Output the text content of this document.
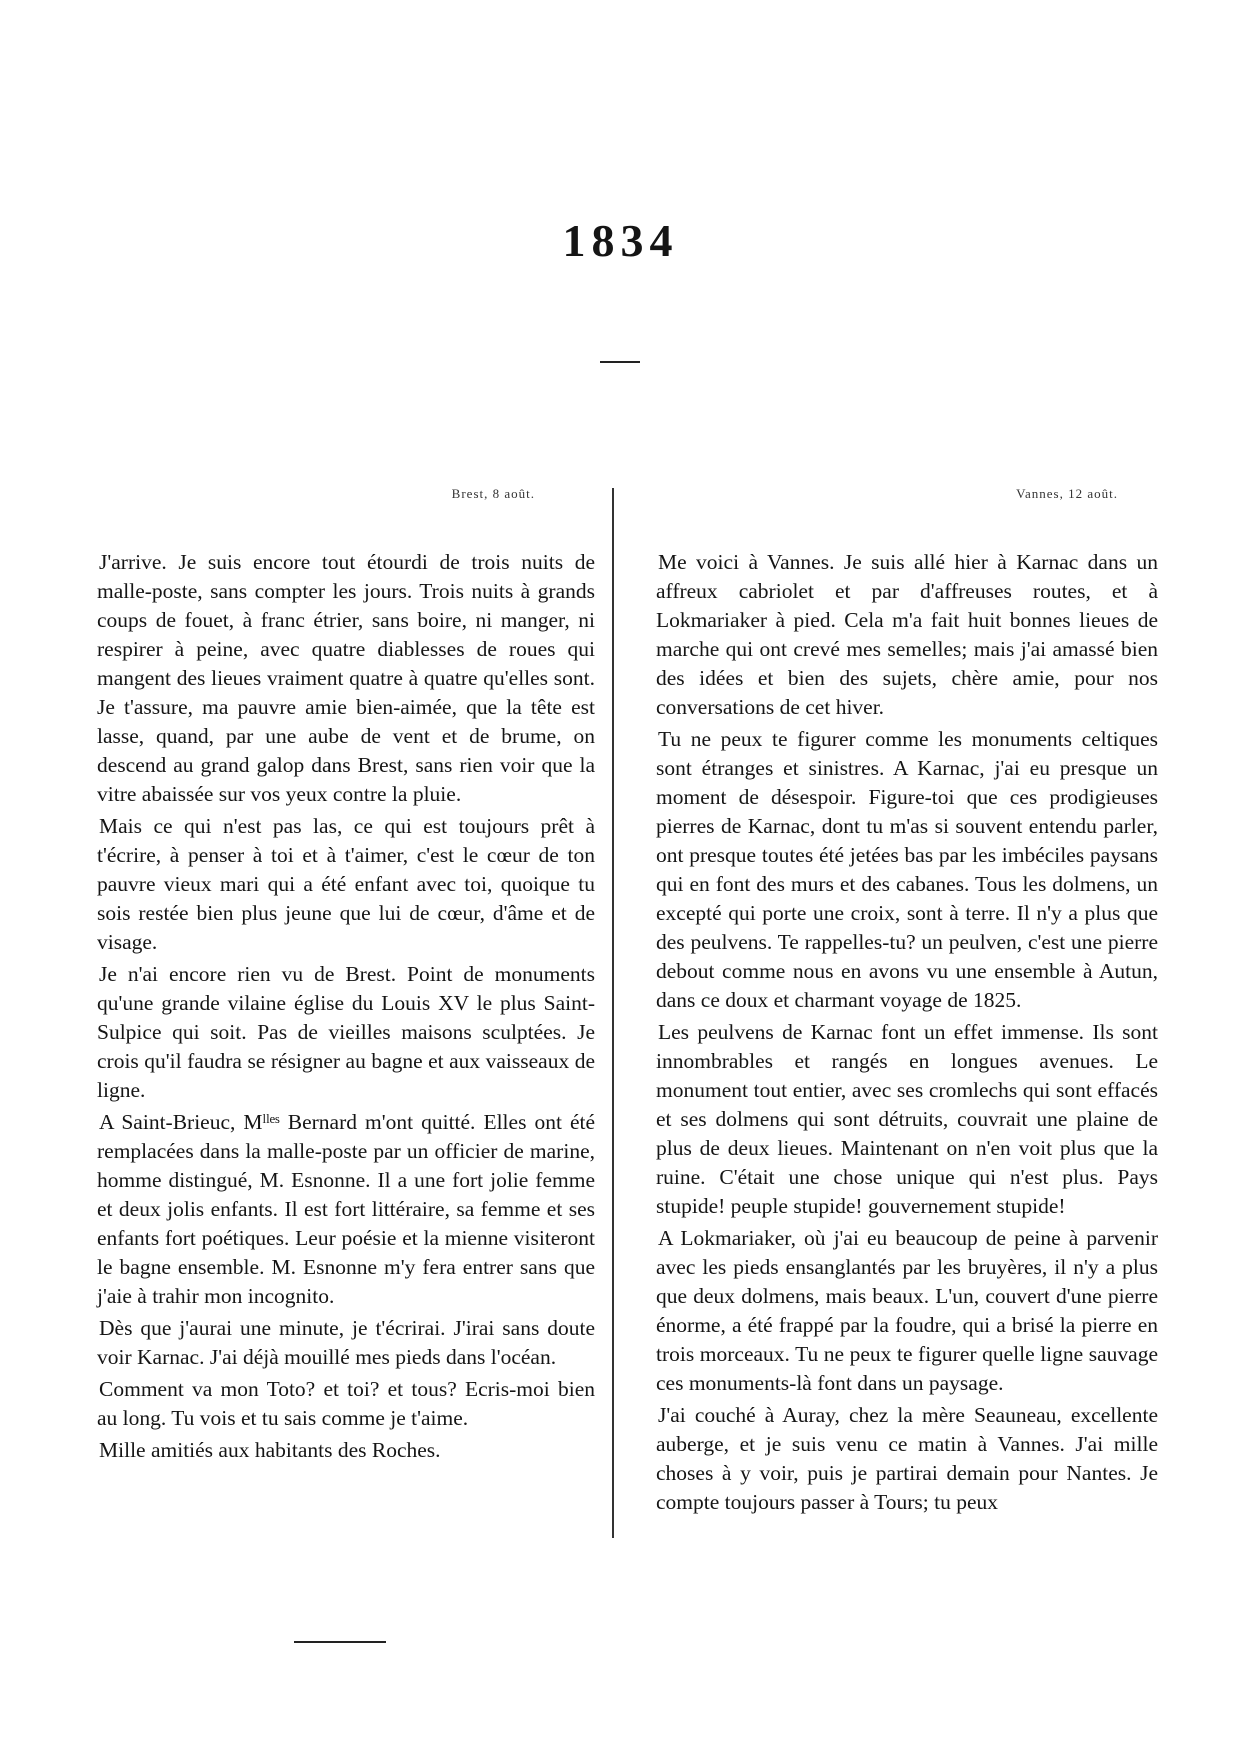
1834
Brest, 8 août.

J'arrive. Je suis encore tout étourdi de trois nuits de malle-poste, sans compter les jours. Trois nuits à grands coups de fouet, à franc étrier, sans boire, ni manger, ni respirer à peine, avec quatre diablesses de roues qui mangent des lieues vraiment quatre à quatre qu'elles sont. Je t'assure, ma pauvre amie bien-aimée, que la tête est lasse, quand, par une aube de vent et de brume, on descend au grand galop dans Brest, sans rien voir que la vitre abaissée sur vos yeux contre la pluie.

Mais ce qui n'est pas las, ce qui est toujours prêt à t'écrire, à penser à toi et à t'aimer, c'est le cœur de ton pauvre vieux mari qui a été enfant avec toi, quoique tu sois restée bien plus jeune que lui de cœur, d'âme et de visage.

Je n'ai encore rien vu de Brest. Point de monuments qu'une grande vilaine église du Louis XV le plus Saint-Sulpice qui soit. Pas de vieilles maisons sculptées. Je crois qu'il faudra se résigner au bagne et aux vaisseaux de ligne.

A Saint-Brieuc, Mˡˡᵉˢ Bernard m'ont quitté. Elles ont été remplacées dans la malle-poste par un officier de marine, homme distingué, M. Esnonne. Il a une fort jolie femme et deux jolis enfants. Il est fort littéraire, sa femme et ses enfants fort poétiques. Leur poésie et la mienne visiteront le bagne ensemble. M. Esnonne m'y fera entrer sans que j'aie à trahir mon incognito.

Dès que j'aurai une minute, je t'écrirai. J'irai sans doute voir Karnac. J'ai déjà mouillé mes pieds dans l'océan.

Comment va mon Toto? et toi? et tous? Ecris-moi bien au long. Tu vois et tu sais comme je t'aime.

Mille amitiés aux habitants des Roches.

Vannes, 12 août.

Me voici à Vannes. Je suis allé hier à Karnac dans un affreux cabriolet et par d'affreuses routes, et à Lokmariaker à pied. Cela m'a fait huit bonnes lieues de marche qui ont crevé mes semelles; mais j'ai amassé bien des idées et bien des sujets, chère amie, pour nos conversations de cet hiver.

Tu ne peux te figurer comme les monuments celtiques sont étranges et sinistres. A Karnac, j'ai eu presque un moment de désespoir. Figure-toi que ces prodigieuses pierres de Karnac, dont tu m'as si souvent entendu parler, ont presque toutes été jetées bas par les imbéciles paysans qui en font des murs et des cabanes. Tous les dolmens, un excepté qui porte une croix, sont à terre. Il n'y a plus que des peulvens. Te rappelles-tu? un peulven, c'est une pierre debout comme nous en avons vu une ensemble à Autun, dans ce doux et charmant voyage de 1825.

Les peulvens de Karnac font un effet immense. Ils sont innombrables et rangés en longues avenues. Le monument tout entier, avec ses cromlechs qui sont effacés et ses dolmens qui sont détruits, couvrait une plaine de plus de deux lieues. Maintenant on n'en voit plus que la ruine. C'était une chose unique qui n'est plus. Pays stupide! peuple stupide! gouvernement stupide!

A Lokmariaker, où j'ai eu beaucoup de peine à parvenir avec les pieds ensanglantés par les bruyères, il n'y a plus que deux dolmens, mais beaux. L'un, couvert d'une pierre énorme, a été frappé par la foudre, qui a brisé la pierre en trois morceaux. Tu ne peux te figurer quelle ligne sauvage ces monuments-là font dans un paysage.

J'ai couché à Auray, chez la mère Seauneau, excellente auberge, et je suis venu ce matin à Vannes. J'ai mille choses à y voir, puis je partirai demain pour Nantes. Je compte toujours passer à Tours; tu peux
